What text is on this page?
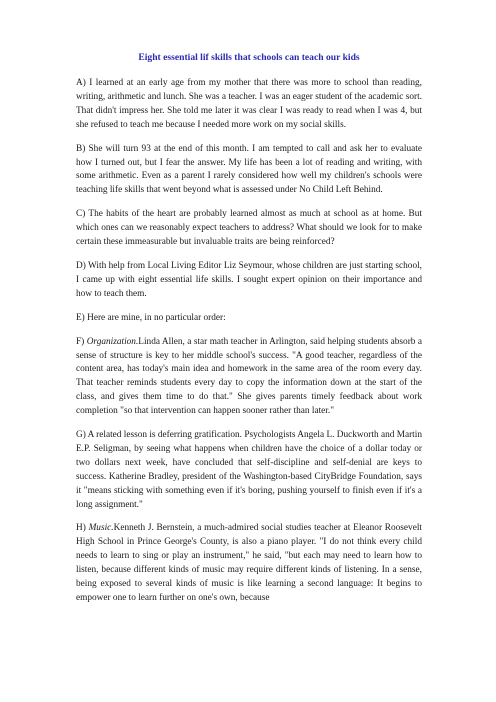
Eight essential lif skills that schools can teach our kids

A) I learned at an early age from my mother that there was more to school than reading, writing, arithmetic and lunch. She was a teacher. I was an eager student of the academic sort. That didn't impress her. She told me later it was clear I was ready to read when I was 4, but she refused to teach me because I needed more work on my social skills.

B) She will turn 93 at the end of this month. I am tempted to call and ask her to evaluate how I turned out, but I fear the answer. My life has been a lot of reading and writing, with some arithmetic. Even as a parent I rarely considered how well my children's schools were teaching life skills that went beyond what is assessed under No Child Left Behind.

C) The habits of the heart are probably learned almost as much at school as at home. But which ones can we reasonably expect teachers to address? What should we look for to make certain these immeasurable but invaluable traits are being reinforced?

D) With help from Local Living Editor Liz Seymour, whose children are just starting school, I came up with eight essential life skills. I sought expert opinion on their importance and how to teach them.

E) Here are mine, in no particular order:

F) Organization.Linda Allen, a star math teacher in Arlington, said helping students absorb a sense of structure is key to her middle school's success. "A good teacher, regardless of the content area, has today's main idea and homework in the same area of the room every day. That teacher reminds students every day to copy the information down at the start of the class, and gives them time to do that." She gives parents timely feedback about work completion "so that intervention can happen sooner rather than later."

G) A related lesson is deferring gratification. Psychologists Angela L. Duckworth and Martin E.P. Seligman, by seeing what happens when children have the choice of a dollar today or two dollars next week, have concluded that self-discipline and self-denial are keys to success. Katherine Bradley, president of the Washington-based CityBridge Foundation, says it "means sticking with something even if it's boring, pushing yourself to finish even if it's a long assignment."

H) Music.Kenneth J. Bernstein, a much-admired social studies teacher at Eleanor Roosevelt High School in Prince George's County, is also a piano player. "I do not think every child needs to learn to sing or play an instrument," he said, "but each may need to learn how to listen, because different kinds of music may require different kinds of listening. In a sense, being exposed to several kinds of music is like learning a second language: It begins to empower one to learn further on one's own, because
